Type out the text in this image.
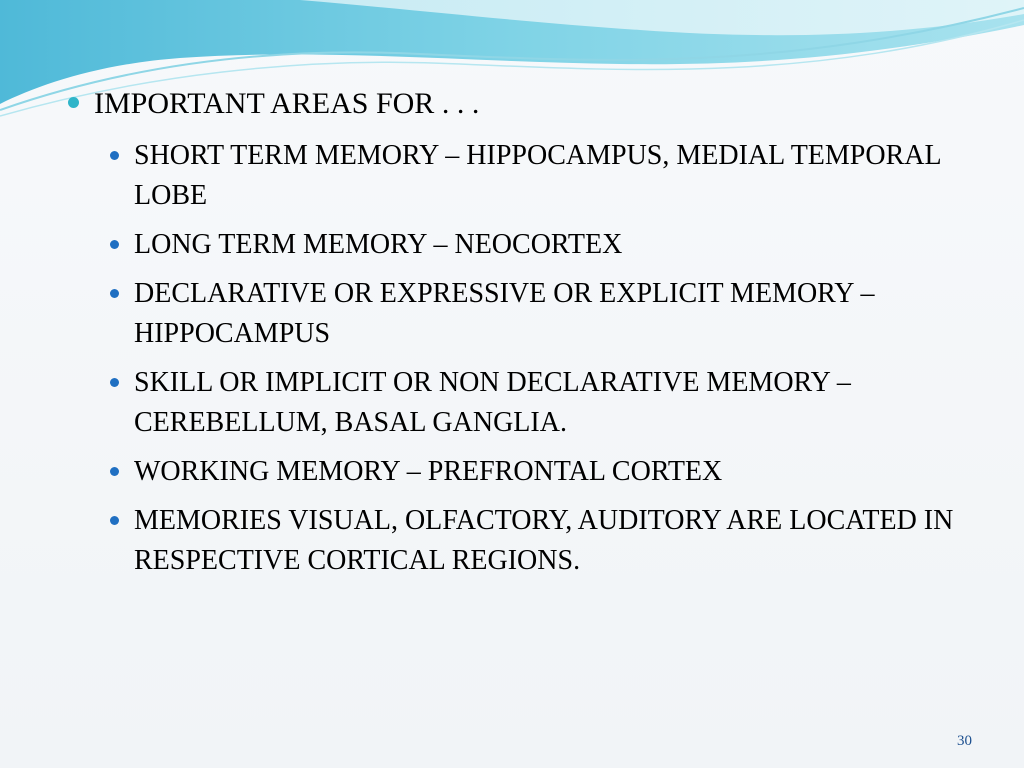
IMPORTANT AREAS FOR . . .
SHORT TERM MEMORY – HIPPOCAMPUS, MEDIAL TEMPORAL LOBE
LONG TERM MEMORY – NEOCORTEX
DECLARATIVE OR EXPRESSIVE OR EXPLICIT MEMORY – HIPPOCAMPUS
SKILL OR IMPLICIT OR NON DECLARATIVE MEMORY – CEREBELLUM, BASAL GANGLIA.
WORKING MEMORY – PREFRONTAL CORTEX
MEMORIES VISUAL, OLFACTORY, AUDITORY ARE LOCATED IN RESPECTIVE CORTICAL REGIONS.
30
